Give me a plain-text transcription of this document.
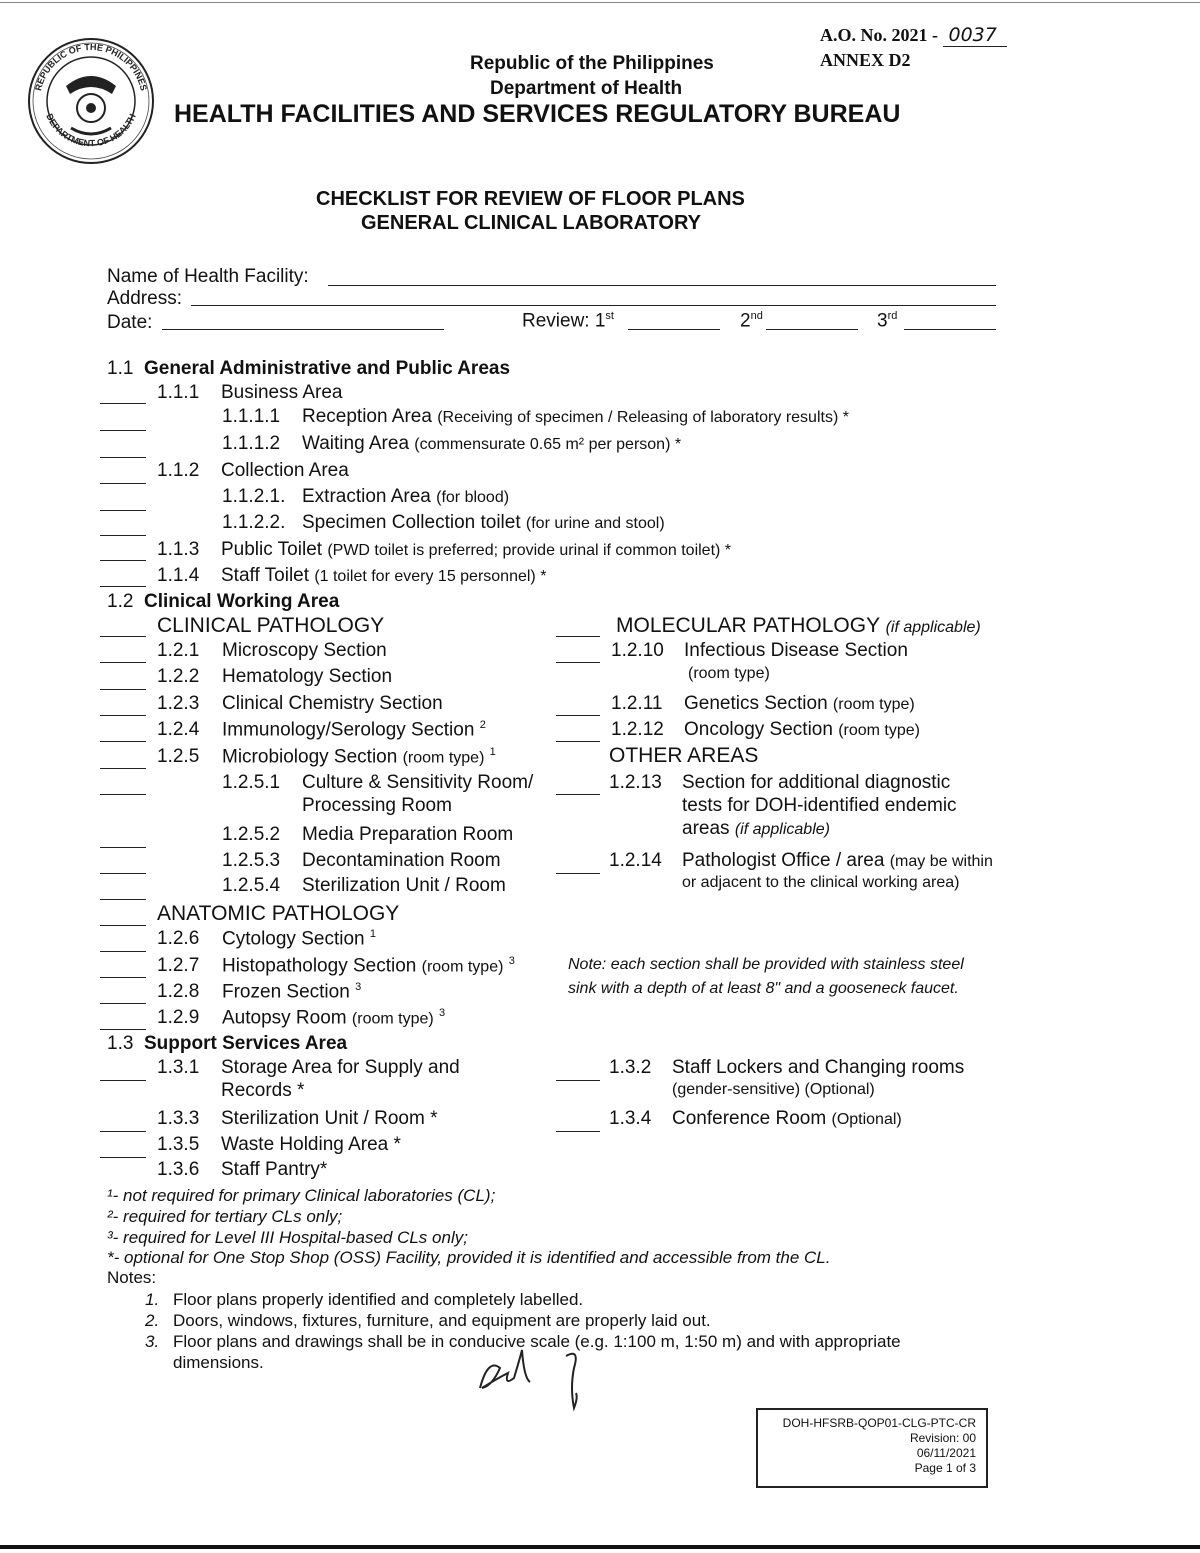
REPUBLIC OF THE PHILIPPINES
DEPARTMENT OF HEALTH
A.O. No. 2021 - 0037
ANNEX D2
Republic of the Philippines
Department of Health
HEALTH FACILITIES AND SERVICES REGULATORY BUREAU
CHECKLIST FOR REVIEW OF FLOOR PLANS
GENERAL CLINICAL LABORATORY
Name of Health Facility:
Address:
Date:	Review: 1st	2nd	3rd
1.1 General Administrative and Public Areas
1.1.1 Business Area
1.1.1.1 Reception Area (Receiving of specimen / Releasing of laboratory results) *
1.1.1.2 Waiting Area (commensurate 0.65 m² per person) *
1.1.2 Collection Area
1.1.2.1. Extraction Area (for blood)
1.1.2.2. Specimen Collection toilet (for urine and stool)
1.1.3 Public Toilet (PWD toilet is preferred; provide urinal if common toilet) *
1.1.4 Staff Toilet (1 toilet for every 15 personnel) *
1.2 Clinical Working Area
CLINICAL PATHOLOGY
1.2.1 Microscopy Section
1.2.2 Hematology Section
1.2.3 Clinical Chemistry Section
1.2.4 Immunology/Serology Section $^2$
1.2.5 Microbiology Section (room type) $^1$
1.2.5.1 Culture & Sensitivity Room/
Processing Room
1.2.5.2 Media Preparation Room
1.2.5.3 Decontamination Room
1.2.5.4 Sterilization Unit / Room
ANATOMIC PATHOLOGY
1.2.6 Cytology Section $^1$
1.2.7 Histopathology Section (room type) $^3$
1.2.8 Frozen Section $^3$
1.2.9 Autopsy Room (room type) $^3$
MOLECULAR PATHOLOGY (if applicable)
1.2.10 Infectious Disease Section
(room type)
1.2.11 Genetics Section (room type)
1.2.12 Oncology Section (room type)
OTHER AREAS
1.2.13 Section for additional diagnostic
tests for DOH-identified endemic
areas (if applicable)
1.2.14 Pathologist Office / area (may be within
or adjacent to the clinical working area)
Note: each section shall be provided with stainless steel
sink with a depth of at least 8" and a gooseneck faucet.
1.3 Support Services Area
1.3.1 Storage Area for Supply and
Records *
1.3.2 Staff Lockers and Changing rooms
(gender-sensitive) (Optional)
1.3.3 Sterilization Unit / Room *	1.3.4 Conference Room (Optional)
1.3.5 Waste Holding Area *
1.3.6 Staff Pantry*
¹- not required for primary Clinical laboratories (CL);
²- required for tertiary CLs only;
³- required for Level III Hospital-based CLs only;
*- optional for One Stop Shop (OSS) Facility, provided it is identified and accessible from the CL.
Notes:
1. Floor plans properly identified and completely labelled.
2. Doors, windows, fixtures, furniture, and equipment are properly laid out.
3. Floor plans and drawings shall be in conducive scale (e.g. 1:100 m, 1:50 m) and with appropriate
dimensions.
DOH-HFSRB-QOP01-CLG-PTC-CR
Revision: 00
06/11/2021
Page 1 of 3
